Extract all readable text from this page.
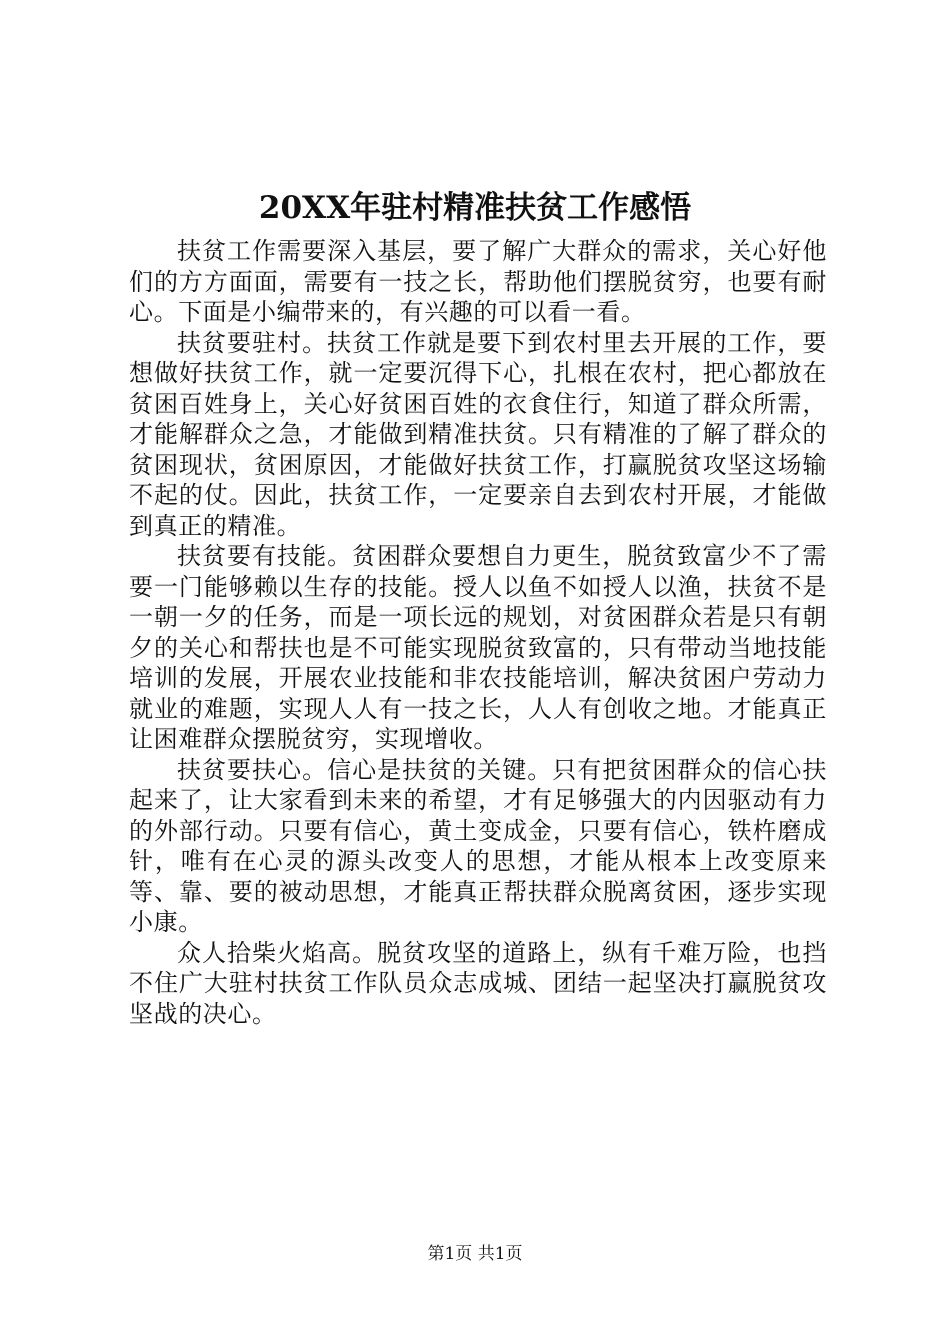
20XX年驻村精准扶贫工作感悟

扶贫工作需要深入基层，要了解广大群众的需求，关心好他们的方方面面，需要有一技之长，帮助他们摆脱贫穷，也要有耐心。下面是小编带来的，有兴趣的可以看一看。

扶贫要驻村。扶贫工作就是要下到农村里去开展的工作，要想做好扶贫工作，就一定要沉得下心，扎根在农村，把心都放在贫困百姓身上，关心好贫困百姓的衣食住行，知道了群众所需，才能解群众之急，才能做到精准扶贫。只有精准的了解了群众的贫困现状，贫困原因，才能做好扶贫工作，打赢脱贫攻坚这场输不起的仗。因此，扶贫工作，一定要亲自去到农村开展，才能做到真正的精准。

扶贫要有技能。贫困群众要想自力更生，脱贫致富少不了需要一门能够赖以生存的技能。授人以鱼不如授人以渔，扶贫不是一朝一夕的任务，而是一项长远的规划，对贫困群众若是只有朝夕的关心和帮扶也是不可能实现脱贫致富的，只有带动当地技能培训的发展，开展农业技能和非农技能培训，解决贫困户劳动力就业的难题，实现人人有一技之长，人人有创收之地。才能真正让困难群众摆脱贫穷，实现增收。

扶贫要扶心。信心是扶贫的关键。只有把贫困群众的信心扶起来了，让大家看到未来的希望，才有足够强大的内因驱动有力的外部行动。只要有信心，黄土变成金，只要有信心，铁杵磨成针，唯有在心灵的源头改变人的思想，才能从根本上改变原来等、靠、要的被动思想，才能真正帮扶群众脱离贫困，逐步实现小康。

众人拾柴火焰高。脱贫攻坚的道路上，纵有千难万险，也挡不住广大驻村扶贫工作队员众志成城、团结一起坚决打赢脱贫攻坚战的决心。

第1页 共1页
